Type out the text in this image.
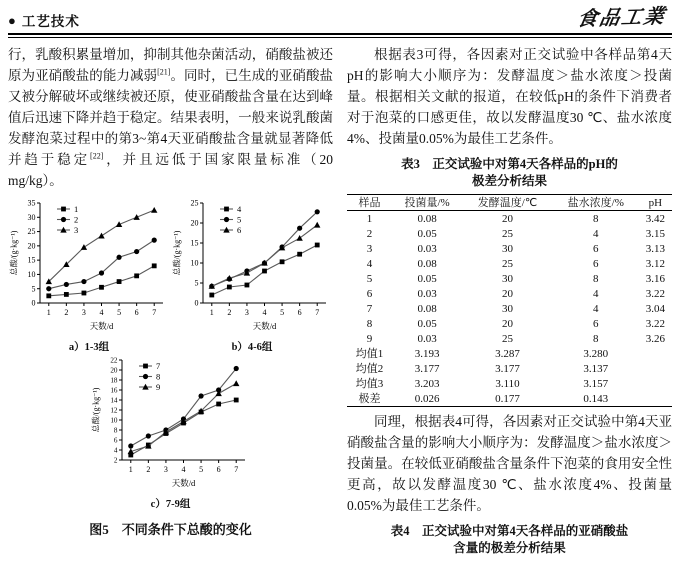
● 工艺技术	食品工業

行，乳酸积累量增加，抑制其他杂菌活动，硝酸盐被还原为亚硝酸盐的能力减弱[21]。同时，已生成的亚硝酸盐又被分解破坏或继续被还原，使亚硝酸盐含量在达到峰值后迅速下降并趋于稳定。结果表明，一般来说乳酸菌发酵泡菜过程中的第3~第4天亚硝酸盐含量就显著降低并趋于稳定[22]，并且远低于国家限量标准（20 mg/kg）。

0
5
10
15
20
25
30
35
1 2 3 4 5 6 7
1
2
3
天数/d
总酸/(g·kg⁻¹)
a）1-3组
0
5
10
15
20
25
1 2 3 4 5 6 7
4
5
6
天数/d
总酸/(g·kg⁻¹)
b）4-6组
2
4
6
8
10
12
14
16
18
20
22
1 2 3 4 5 6 7
7
8
9
天数/d
总酸/(g·kg⁻¹)
c）7-9组
图5　不同条件下总酸的变化

根据表3可得，各因素对正交试验中各样品第4天pH的影响大小顺序为：发酵温度＞盐水浓度＞投菌量。根据相关文献的报道，在较低pH的条件下消费者对于泡菜的口感更佳，故以发酵温度30 ℃、盐水浓度4%、投菌量0.05%为最佳工艺条件。

表3　正交试验中对第4天各样品的pH的
极差分析结果
样品	投菌量/%	发酵温度/℃	盐水浓度/%	pH
1	0.08	20	8	3.42
2	0.05	25	4	3.15
3	0.03	30	6	3.13
4	0.08	25	6	3.12
5	0.05	30	8	3.16
6	0.03	20	4	3.22
7	0.08	30	4	3.04
8	0.05	20	6	3.22
9	0.03	25	8	3.26
均值1	3.193	3.287	3.280	
均值2	3.177	3.177	3.137	
均值3	3.203	3.110	3.157	
极差	0.026	0.177	0.143	

同理，根据表4可得，各因素对正交试验中第4天亚硝酸盐含量的影响大小顺序为：发酵温度＞盐水浓度＞投菌量。在较低亚硝酸盐含量条件下泡菜的食用安全性更高，故以发酵温度30 ℃、盐水浓度4%、投菌量0.05%为最佳工艺条件。

表4　正交试验中对第4天各样品的亚硝酸盐
含量的极差分析结果
